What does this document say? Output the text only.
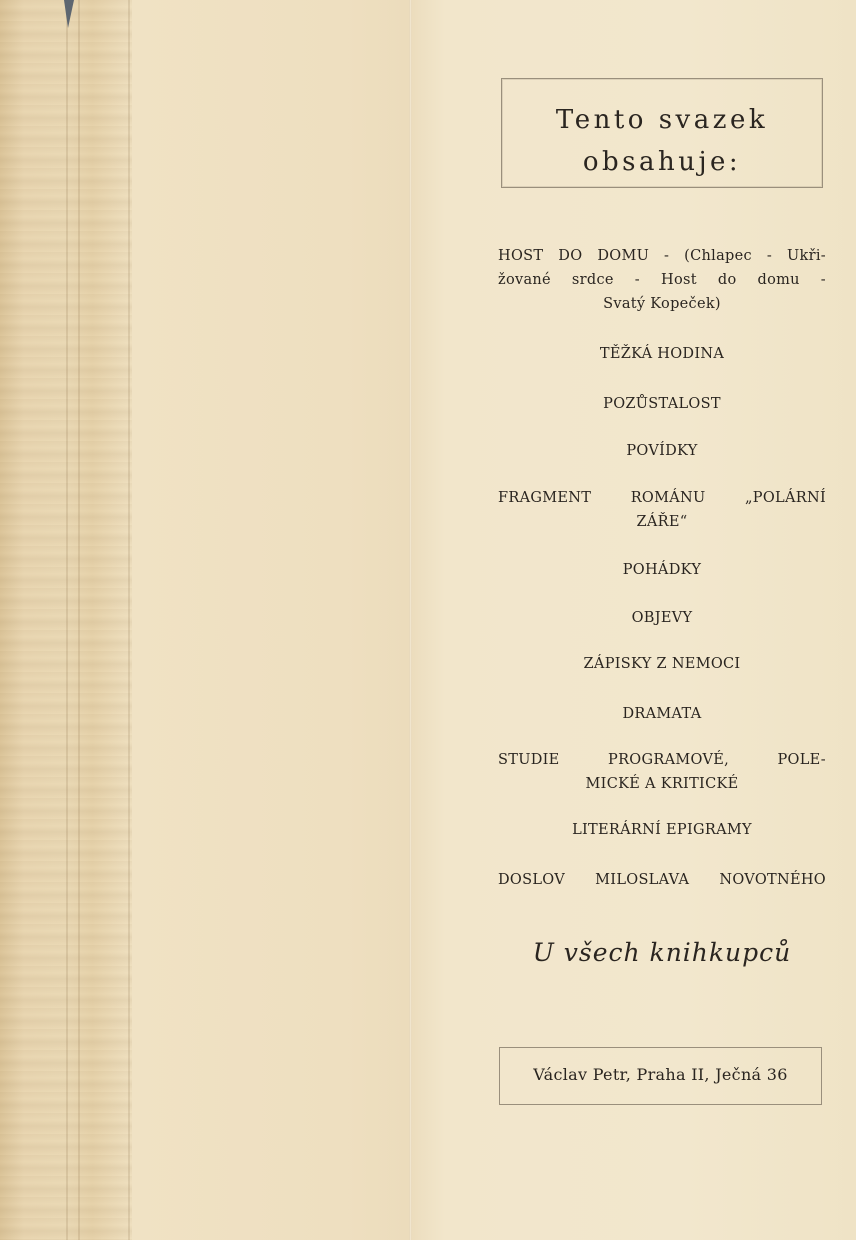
Tento svazek
obsahuje:
HOST DO DOMU - (Chlapec - Ukři-
žované srdce - Host do domu -
Svatý Kopeček)
TĚŽKÁ HODINA
POZŮSTALOST
POVÍDKY
FRAGMENT ROMÁNU „POLÁRNÍ
ZÁŘE“
POHÁDKY
OBJEVY
ZÁPISKY Z NEMOCI
DRAMATA
STUDIE PROGRAMOVÉ, POLE-
MICKÉ A KRITICKÉ
LITERÁRNÍ EPIGRAMY
DOSLOV MILOSLAVA NOVOTNÉHO
U všech knihkupců
Václav Petr, Praha II, Ječná 36
